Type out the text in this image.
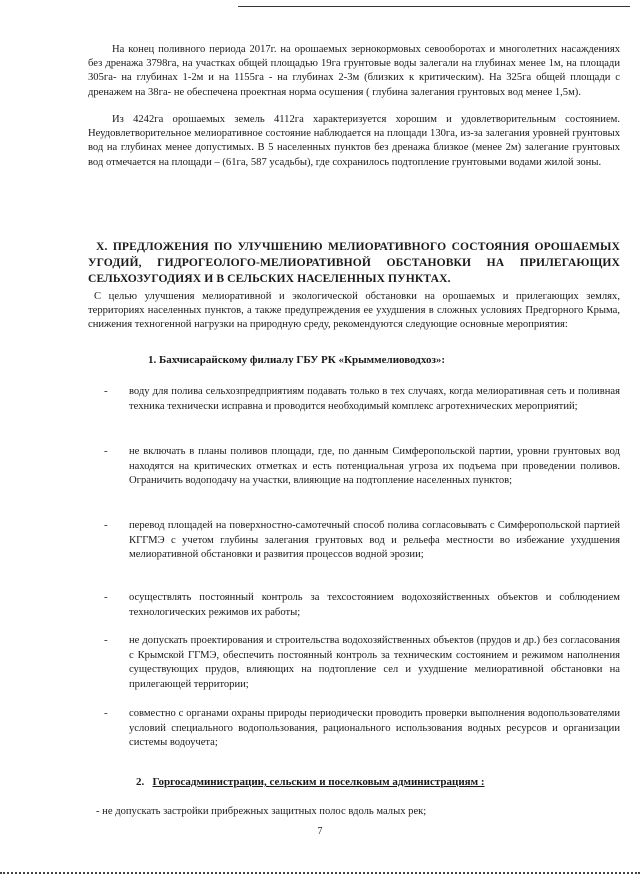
На конец поливного периода 2017г. на орошаемых зернокормовых севооборотах и многолетних насаждениях без дренажа 3798га, на участках общей площадью 19га грунтовые воды залегали на глубинах менее 1м, на площади 305га- на глубинах 1-2м и на 1155га - на глубинах 2-3м (близких к критическим). На 325га общей площади с дренажем на 38га- не обеспечена проектная норма осушения ( глубина залегания грунтовых вод менее 1,5м).

Из 4242га орошаемых земель 4112га характеризуется хорошим и удовлетворительным состоянием. Неудовлетворительное мелиоративное состояние наблюдается на площади 130га, из-за залегания уровней грунтовых вод на глубинах менее допустимых. В 5 населенных пунктов без дренажа близкое (менее 2м) залегание грунтовых вод отмечается на площади – (61га, 587 усадьбы), где сохранилось подтопление грунтовыми водами жилой зоны.

X. ПРЕДЛОЖЕНИЯ ПО УЛУЧШЕНИЮ МЕЛИОРАТИВНОГО СОСТОЯНИЯ ОРОШАЕМЫХ УГОДИЙ, ГИДРОГЕОЛОГО-МЕЛИОРАТИВНОЙ ОБСТАНОВКИ НА ПРИЛЕГАЮЩИХ СЕЛЬХОЗУГОДИЯХ И В СЕЛЬСКИХ НАСЕЛЕННЫХ ПУНКТАХ.

С целью улучшения мелиоративной и экологической обстановки на орошаемых и прилегающих землях, территориях населенных пунктов, а также предупреждения ее ухудшения в сложных условиях Предгорного Крыма, снижения техногенной нагрузки на природную среду, рекомендуются следующие основные мероприятия:

1. Бахчисарайскому филиалу ГБУ РК «Крыммелиоводхоз»:
- воду для полива сельхозпредприятиям подавать только в тех случаях, когда мелиоративная сеть и поливная техника технически исправна и проводится необходимый комплекс агротехнических мероприятий;

- не включать в планы поливов площади, где, по данным Симферопольской партии, уровни грунтовых вод находятся на критических отметках и есть потенциальная угроза их подъема при проведении поливов. Ограничить водоподачу на участки, влияющие на подтопление населенных пунктов;

- перевод площадей на поверхностно-самотечный способ полива согласовывать с Симферопольской партией КГГМЭ с учетом глубины залегания грунтовых вод и рельефа местности во избежание ухудшения мелиоративной обстановки и развития процессов водной эрозии;

- осуществлять постоянный контроль за техсостоянием водохозяйственных объектов и соблюдением технологических режимов их работы;

- не допускать проектирования и строительства водохозяйственных объектов (прудов и др.) без согласования с Крымской ГГМЭ, обеспечить постоянный контроль за техническим состоянием и режимом наполнения существующих прудов, влияющих на подтопление сел и ухудшение мелиоративной обстановки на прилегающей территории;

- совместно с органами охраны природы периодически проводить проверки выполнения водопользователями условий специального водопользования, рационального использования водных ресурсов и организации системы водоучета;

2. Горгосадминистрации, сельским и поселковым администрациям :
- не допускать застройки прибрежных защитных полос вдоль малых рек;
7
